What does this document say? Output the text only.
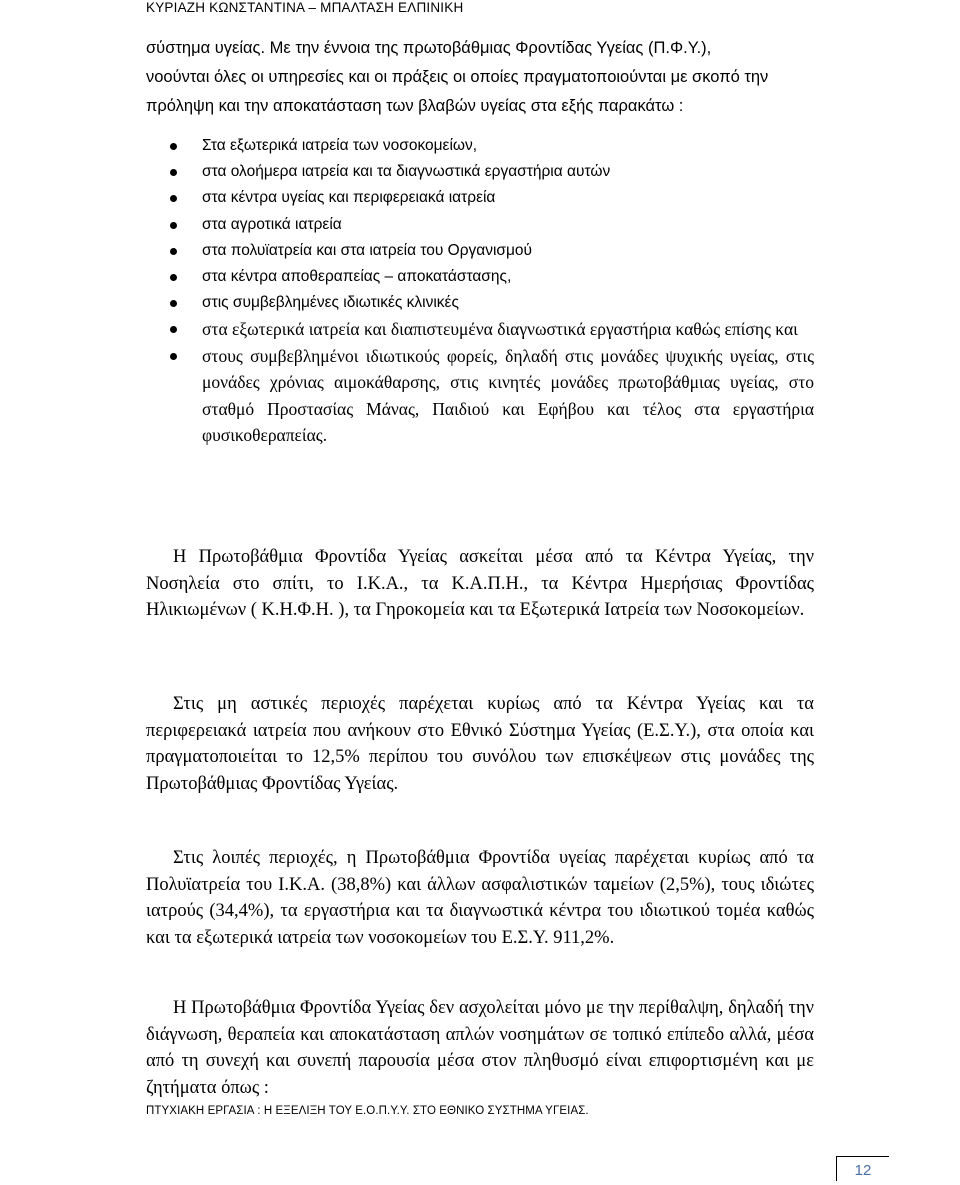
ΚΥΡΙΑΖΗ ΚΩΝΣΤΑΝΤΙΝΑ – ΜΠΑΛΤΑΣΗ ΕΛΠΙΝΙΚΗ
σύστημα υγείας. Με την έννοια της πρωτοβάθμιας Φροντίδας Υγείας (Π.Φ.Υ.),
νοούνται όλες οι υπηρεσίες και οι πράξεις οι οποίες πραγματοποιούνται με σκοπό την
πρόληψη και την αποκατάσταση των βλαβών υγείας στα εξής παρακάτω :
Στα εξωτερικά ιατρεία των νοσοκομείων,
στα ολοήμερα ιατρεία και τα διαγνωστικά εργαστήρια αυτών
στα κέντρα υγείας και περιφερειακά ιατρεία
στα αγροτικά ιατρεία
στα πολυϊατρεία και στα ιατρεία του Οργανισμού
στα κέντρα αποθεραπείας – αποκατάστασης,
στις συμβεβλημένες ιδιωτικές κλινικές
στα εξωτερικά ιατρεία και διαπιστευμένα διαγνωστικά εργαστήρια καθώς επίσης και
στους συμβεβλημένοι ιδιωτικούς φορείς, δηλαδή στις μονάδες ψυχικής υγείας, στις μονάδες χρόνιας αιμοκάθαρσης, στις κινητές μονάδες πρωτοβάθμιας υγείας, στο σταθμό Προστασίας Μάνας, Παιδιού και Εφήβου και τέλος στα εργαστήρια φυσικοθεραπείας.
Η Πρωτοβάθμια Φροντίδα Υγείας ασκείται μέσα από τα Κέντρα Υγείας, την Νοσηλεία στο σπίτι, το Ι.Κ.Α., τα Κ.Α.Π.Η., τα Κέντρα Ημερήσιας Φροντίδας Ηλικιωμένων ( Κ.Η.Φ.Η. ), τα Γηροκομεία και τα Εξωτερικά Ιατρεία των Νοσοκομείων.
Στις μη αστικές περιοχές παρέχεται κυρίως από τα Κέντρα Υγείας και τα περιφερειακά ιατρεία που ανήκουν στο Εθνικό Σύστημα Υγείας (Ε.Σ.Υ.), στα οποία και πραγματοποιείται το 12,5% περίπου του συνόλου των επισκέψεων στις μονάδες της Πρωτοβάθμιας Φροντίδας Υγείας.
Στις λοιπές περιοχές, η Πρωτοβάθμια Φροντίδα υγείας παρέχεται κυρίως από τα Πολυϊατρεία του Ι.Κ.Α. (38,8%) και άλλων ασφαλιστικών ταμείων (2,5%), τους ιδιώτες ιατρούς (34,4%), τα εργαστήρια και τα διαγνωστικά κέντρα του ιδιωτικού τομέα καθώς και τα εξωτερικά ιατρεία των νοσοκομείων του Ε.Σ.Υ. 911,2%.
Η Πρωτοβάθμια Φροντίδα Υγείας δεν ασχολείται μόνο με την περίθαλψη, δηλαδή την διάγνωση, θεραπεία και αποκατάσταση απλών νοσημάτων σε τοπικό επίπεδο αλλά, μέσα από τη συνεχή και συνεπή παρουσία μέσα στον πληθυσμό είναι επιφορτισμένη και με ζητήματα όπως :
ΠΤΥΧΙΑΚΗ ΕΡΓΑΣΙΑ : Η ΕΞΕΛΙΞΗ ΤΟΥ Ε.Ο.Π.Υ.Υ. ΣΤΟ ΕΘΝΙΚΟ ΣΥΣΤΗΜΑ ΥΓΕΙΑΣ.
12
